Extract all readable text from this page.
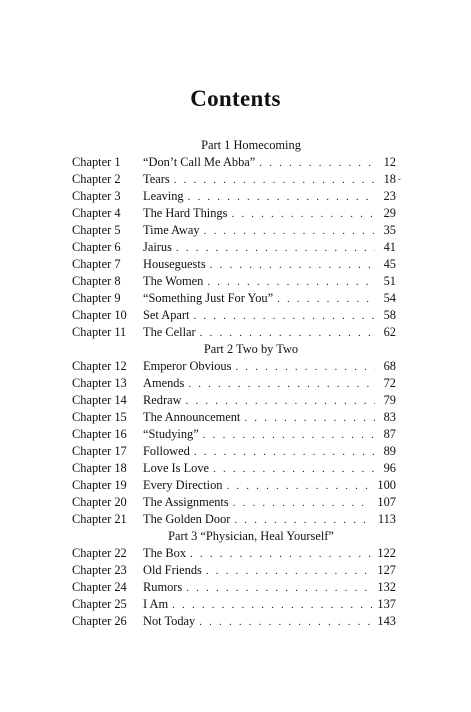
Contents
Part 1 Homecoming
Chapter 1	“Don’t Call Me Abba” . . .	12
Chapter 2	Tears . . .	18
Chapter 3	Leaving . . .	23
Chapter 4	The Hard Things . . .	29
Chapter 5	Time Away . . .	35
Chapter 6	Jairus . . .	41
Chapter 7	Houseguests . . .	45
Chapter 8	The Women . . .	51
Chapter 9	“Something Just For You” . . .	54
Chapter 10	Set Apart . . .	58
Chapter 11	The Cellar . . .	62
Part 2 Two by Two
Chapter 12	Emperor Obvious . . .	68
Chapter 13	Amends . . .	72
Chapter 14	Redraw . . .	79
Chapter 15	The Announcement . . .	83
Chapter 16	“Studying” . . .	87
Chapter 17	Followed . . .	89
Chapter 18	Love Is Love . . .	96
Chapter 19	Every Direction . . .	100
Chapter 20	The Assignments . . .	107
Chapter 21	The Golden Door . . .	113
Part 3 “Physician, Heal Yourself”
Chapter 22	The Box . . .	122
Chapter 23	Old Friends . . .	127
Chapter 24	Rumors . . .	132
Chapter 25	I Am . . .	137
Chapter 26	Not Today . . .	143
ˇ
